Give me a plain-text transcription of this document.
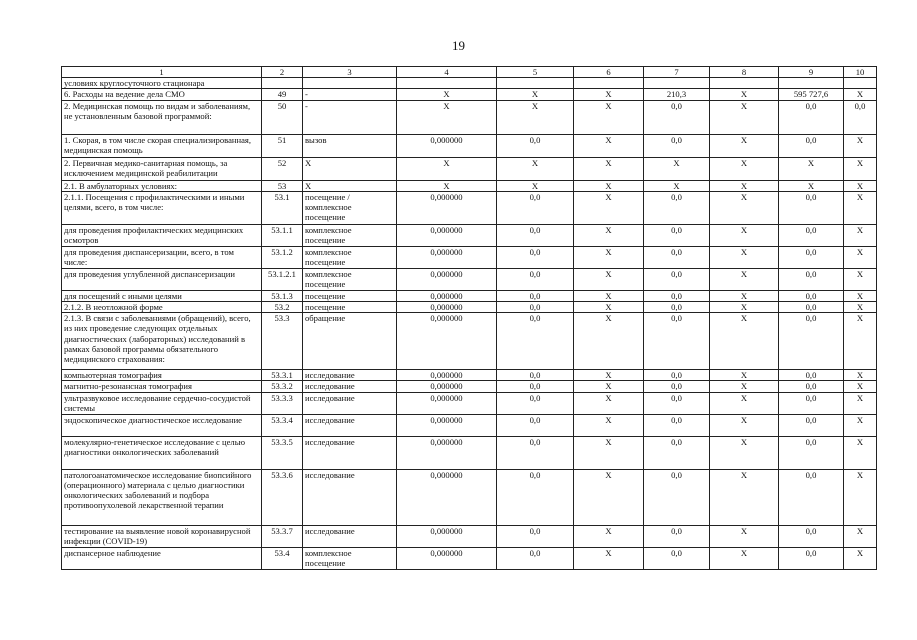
19
1	2	3	4	5	6	7	8	9	10
условиях круглосуточного стационара									
6. Расходы на ведение дела СМО	49	-	X	X	X	210,3	X	595 727,6	X
2. Медицинская помощь по видам и заболеваниям, не установленным базовой программой:	50	-	X	X	X	0,0	X	0,0	0,0
1. Скорая, в том числе скорая специализированная, медицинская помощь	51	вызов	0,000000	0,0	X	0,0	X	0,0	X
2. Первичная медико-санитарная помощь, за исключением медицинской реабилитации	52	X	X	X	X	X	X	X	X
2.1. В амбулаторных условиях:	53	X	X	X	X	X	X	X	X
2.1.1. Посещения с профилактическими и иными целями, всего, в том числе:	53.1	посещение / комплексное посещение	0,000000	0,0	X	0,0	X	0,0	X
для проведения профилактических медицинских осмотров	53.1.1	комплексное посещение	0,000000	0,0	X	0,0	X	0,0	X
для проведения диспансеризации, всего, в том числе:	53.1.2	комплексное посещение	0,000000	0,0	X	0,0	X	0,0	X
для проведения углубленной диспансеризации	53.1.2.1	комплексное посещение	0,000000	0,0	X	0,0	X	0,0	X
для посещений с иными целями	53.1.3	посещение	0,000000	0,0	X	0,0	X	0,0	X
2.1.2. В неотложной форме	53.2	посещение	0,000000	0,0	X	0,0	X	0,0	X
2.1.3. В связи с заболеваниями (обращений), всего, из них проведение следующих отдельных диагностических (лабораторных) исследований в рамках базовой программы обязательного медицинского страхования:	53.3	обращение	0,000000	0,0	X	0,0	X	0,0	X
компьютерная томография	53.3.1	исследование	0,000000	0,0	X	0,0	X	0,0	X
магнитно-резонансная томография	53.3.2	исследование	0,000000	0,0	X	0,0	X	0,0	X
ультразвуковое исследование сердечно-сосудистой системы	53.3.3	исследование	0,000000	0,0	X	0,0	X	0,0	X
эндоскопическое диагностическое исследование	53.3.4	исследование	0,000000	0,0	X	0,0	X	0,0	X
молекулярно-генетическое исследование с целью диагностики онкологических заболеваний	53.3.5	исследование	0,000000	0,0	X	0,0	X	0,0	X
патологоанатомическое исследование биопсийного (операционного) материала с целью диагностики онкологических заболеваний и подбора противоопухолевой лекарственной терапии	53.3.6	исследование	0,000000	0,0	X	0,0	X	0,0	X
тестирование на выявление новой коронавирусной инфекции (COVID-19)	53.3.7	исследование	0,000000	0,0	X	0,0	X	0,0	X
диспансерное наблюдение	53.4	комплексное посещение	0,000000	0,0	X	0,0	X	0,0	X
